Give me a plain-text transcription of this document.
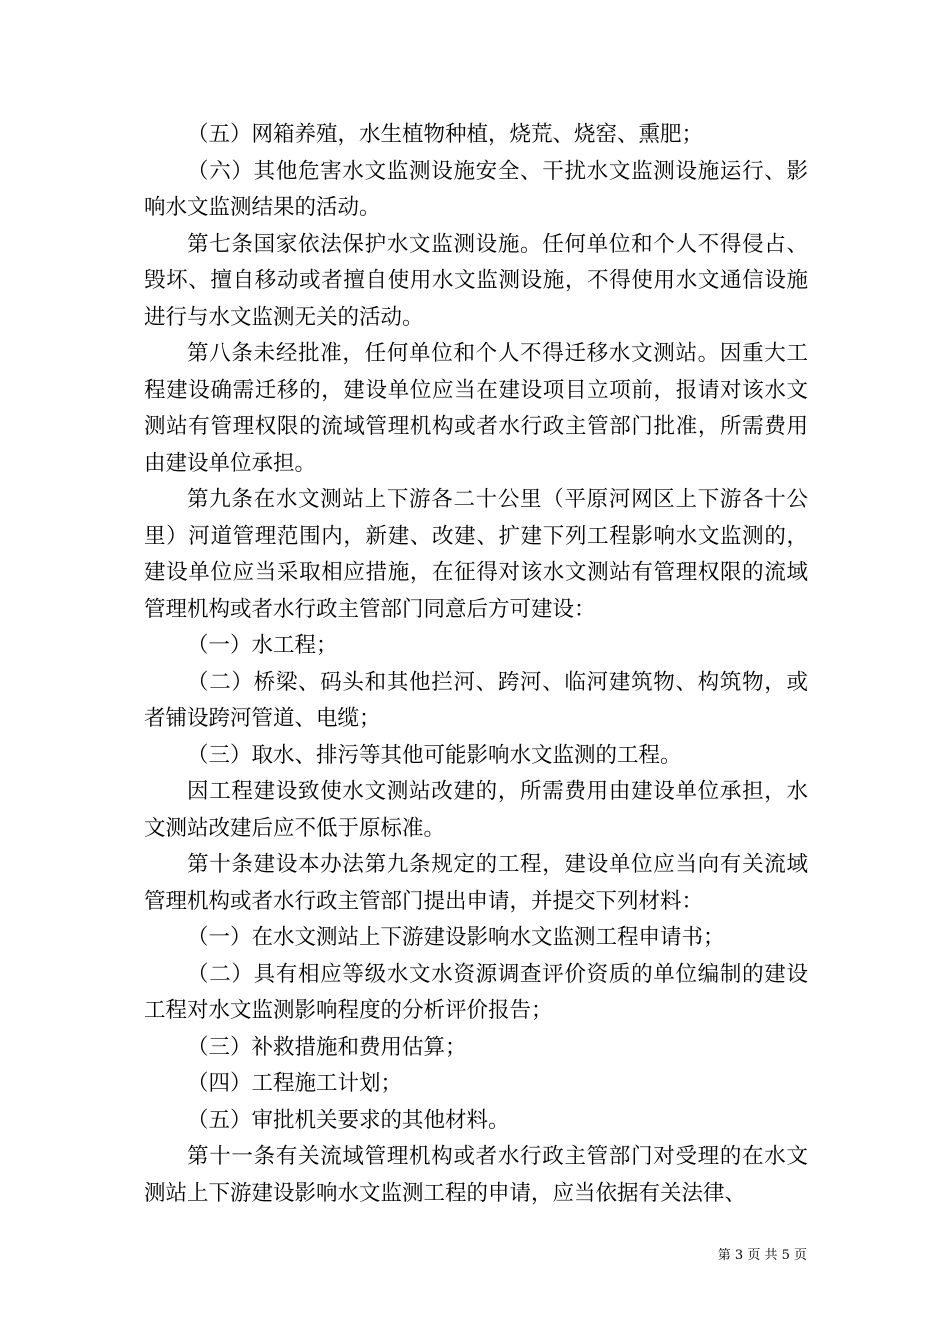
（五）网箱养殖，水生植物种植，烧荒、烧窑、熏肥；

（六）其他危害水文监测设施安全、干扰水文监测设施运行、影响水文监测结果的活动。

第七条国家依法保护水文监测设施。任何单位和个人不得侵占、毁坏、擅自移动或者擅自使用水文监测设施，不得使用水文通信设施进行与水文监测无关的活动。

第八条未经批准，任何单位和个人不得迁移水文测站。因重大工程建设确需迁移的，建设单位应当在建设项目立项前，报请对该水文测站有管理权限的流域管理机构或者水行政主管部门批准，所需费用由建设单位承担。

第九条在水文测站上下游各二十公里（平原河网区上下游各十公里）河道管理范围内，新建、改建、扩建下列工程影响水文监测的，建设单位应当采取相应措施，在征得对该水文测站有管理权限的流域管理机构或者水行政主管部门同意后方可建设：

（一）水工程；

（二）桥梁、码头和其他拦河、跨河、临河建筑物、构筑物，或者铺设跨河管道、电缆；

（三）取水、排污等其他可能影响水文监测的工程。

因工程建设致使水文测站改建的，所需费用由建设单位承担，水文测站改建后应不低于原标准。

第十条建设本办法第九条规定的工程，建设单位应当向有关流域管理机构或者水行政主管部门提出申请，并提交下列材料：

（一）在水文测站上下游建设影响水文监测工程申请书；

（二）具有相应等级水文水资源调查评价资质的单位编制的建设工程对水文监测影响程度的分析评价报告；

（三）补救措施和费用估算；

（四）工程施工计划；

（五）审批机关要求的其他材料。

第十一条有关流域管理机构或者水行政主管部门对受理的在水文测站上下游建设影响水文监测工程的申请，应当依据有关法律、

第 3 页 共 5 页
